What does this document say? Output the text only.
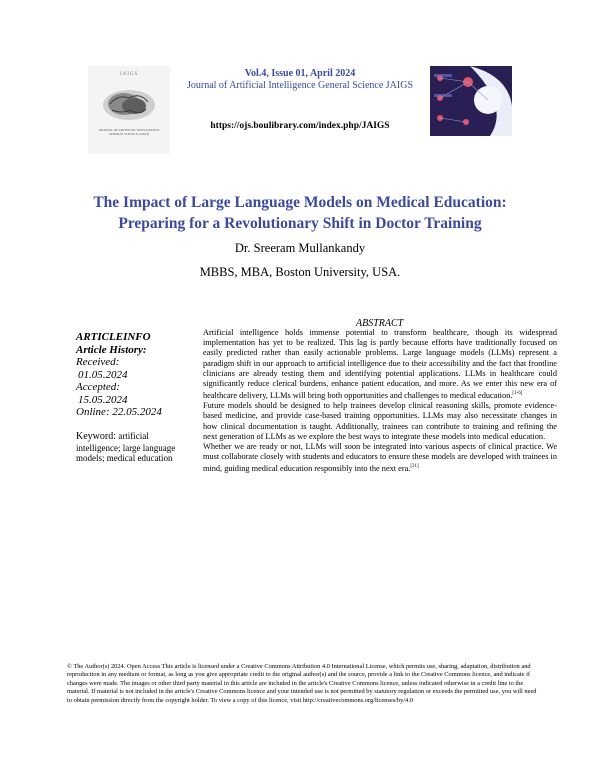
JAIGS
JOURNAL OF ARTIFICIAL INTELLIGENCE GENERAL SCIENCE (JAIGS)
Vol.4, Issue 01, April 2024
Journal of Artificial Intelligence General Science JAIGS
https://ojs.boulibrary.com/index.php/JAIGS
The Impact of Large Language Models on Medical Education:
Preparing for a Revolutionary Shift in Doctor Training
Dr. Sreeram Mullankandy
MBBS, MBA, Boston University, USA.
ARTICLEINFO
Article History:
Received:
01.05.2024
Accepted:
15.05.2024
Online: 22.05.2024
Keyword: artificial intelligence; large language models; medical education
ABSTRACT

Artificial intelligence holds immense potential to transform healthcare, though its widespread implementation has yet to be realized. This lag is partly because efforts have traditionally focused on easily predicted rather than easily actionable problems. Large language models (LLMs) represent a paradigm shift in our approach to artificial intelligence due to their accessibility and the fact that frontline clinicians are already testing them and identifying potential applications. LLMs in healthcare could significantly reduce clerical burdens, enhance patient education, and more. As we enter this new era of healthcare delivery, LLMs will bring both opportunities and challenges to medical education.[1-6]

Future models should be designed to help trainees develop clinical reasoning skills, promote evidence-based medicine, and provide case-based training opportunities. LLMs may also necessitate changes in how clinical documentation is taught. Additionally, trainees can contribute to training and refining the next generation of LLMs as we explore the best ways to integrate these models into medical education.

Whether we are ready or not, LLMs will soon be integrated into various aspects of clinical practice. We must collaborate closely with students and educators to ensure these models are developed with trainees in mind, guiding medical education responsibly into the next era.[21]

© The Author(s) 2024. Open Access This article is licensed under a Creative Commons Attribution 4.0 International License, which permits use, sharing, adaptation, distribution and reproduction in any medium or format, as long as you give appropriate credit to the original author(s) and the source, provide a link to the Creative Commons licence, and indicate if changes were made. The images or other third party material in this article are included in the article's Creative Commons licence, unless indicated otherwise in a credit line to the material. If material is not included in the article's Creative Commons licence and your intended use is not permitted by statutory regulation or exceeds the permitted use, you will need to obtain permission directly from the copyright holder. To view a copy of this licence, visit http://creativecommons.org/licenses/by/4.0
